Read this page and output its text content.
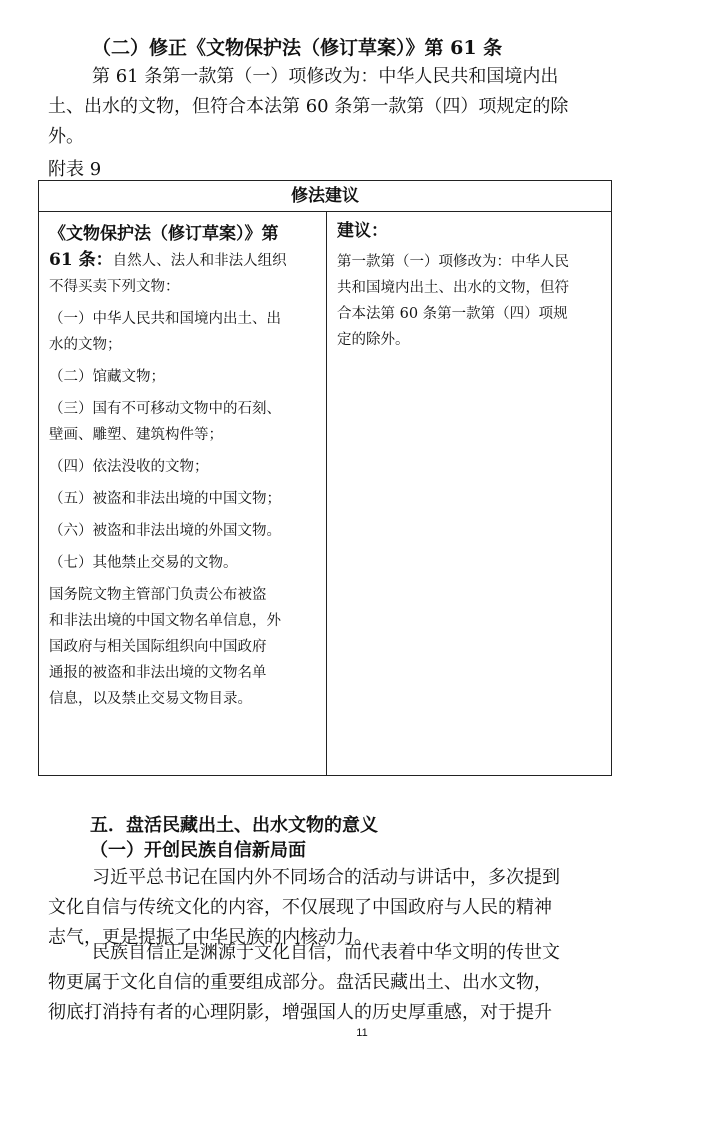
（二）修正《文物保护法（修订草案）》第 61 条
第 61 条第一款第（一）项修改为：中华人民共和国境内出
土、出水的文物，但符合本法第 60 条第一款第（四）项规定的除
外。
附表 9
修法建议
《文物保护法（修订草案）》第
61 条：自然人、法人和非法人组织
不得买卖下列文物：
（一）中华人民共和国境内出土、出
水的文物；
（二）馆藏文物；
（三）国有不可移动文物中的石刻、
壁画、雕塑、建筑构件等；
（四）依法没收的文物；
（五）被盗和非法出境的中国文物；
（六）被盗和非法出境的外国文物。
（七）其他禁止交易的文物。
国务院文物主管部门负责公布被盗
和非法出境的中国文物名单信息，外
国政府与相关国际组织向中国政府
通报的被盗和非法出境的文物名单
信息，以及禁止交易文物目录。
建议：
第一款第（一）项修改为：中华人民
共和国境内出土、出水的文物，但符
合本法第 60 条第一款第（四）项规
定的除外。
五．盘活民藏出土、出水文物的意义
（一）开创民族自信新局面
习近平总书记在国内外不同场合的活动与讲话中，多次提到
文化自信与传统文化的内容，不仅展现了中国政府与人民的精神
志气，更是提振了中华民族的内核动力。
民族自信正是渊源于文化自信，而代表着中华文明的传世文
物更属于文化自信的重要组成部分。盘活民藏出土、出水文物，
彻底打消持有者的心理阴影，增强国人的历史厚重感，对于提升
11
